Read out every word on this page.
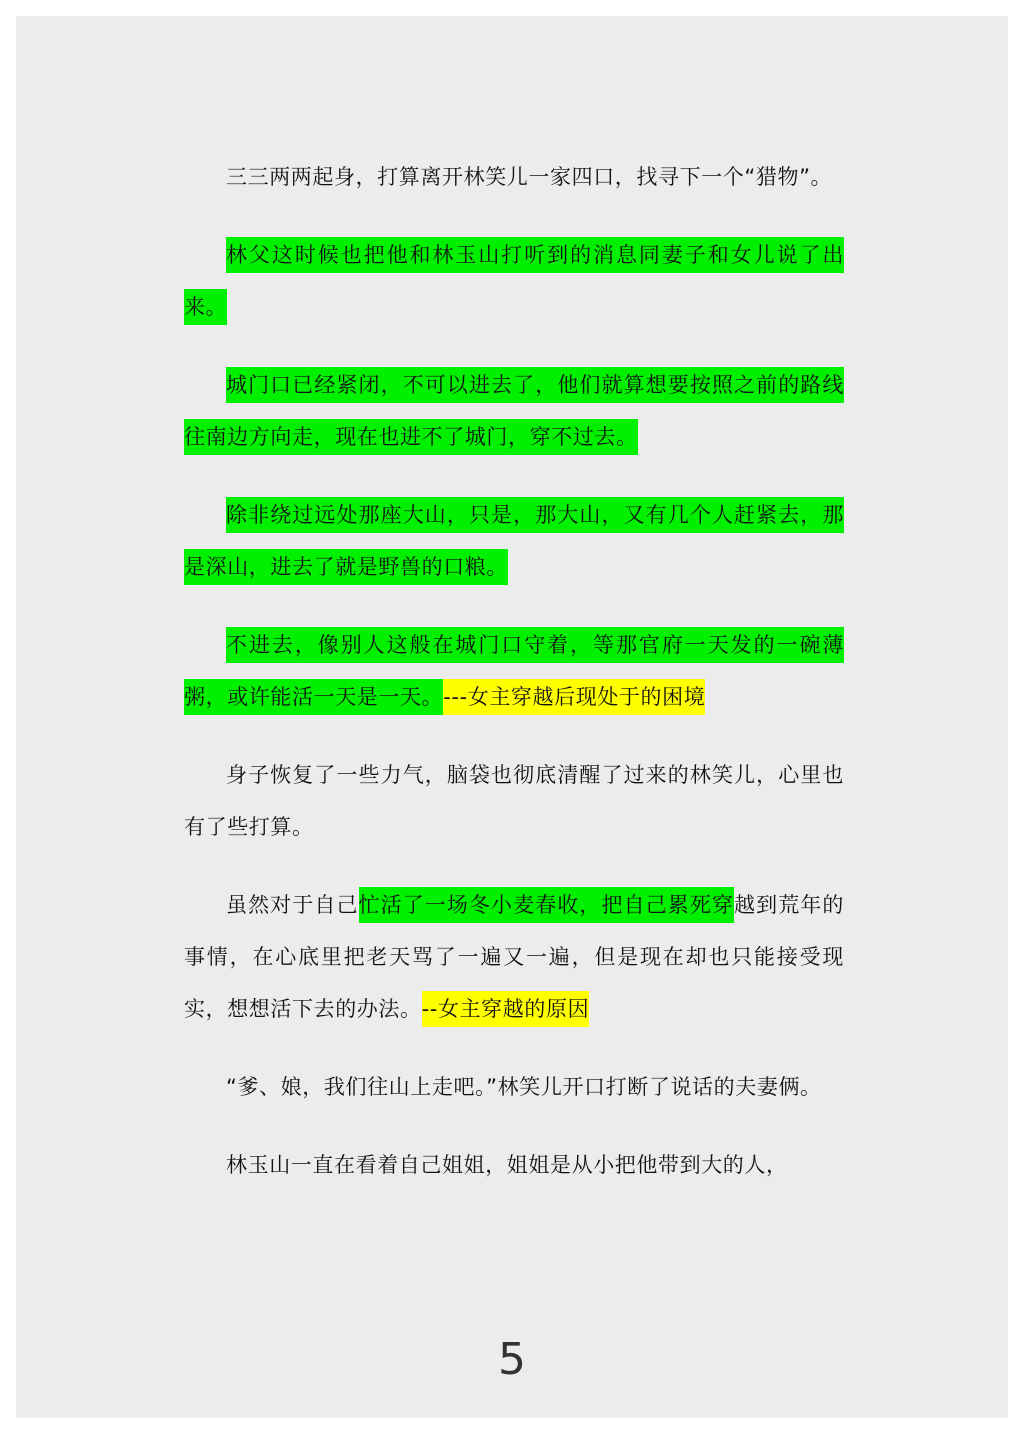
三三两两起身，打算离开林笑儿一家四口，找寻下一个“猎物”。

林父这时候也把他和林玉山打听到的消息同妻子和女儿说了出来。

城门口已经紧闭，不可以进去了，他们就算想要按照之前的路线往南边方向走，现在也进不了城门，穿不过去。

除非绕过远处那座大山，只是，那大山，又有几个人赶紧去，那是深山，进去了就是野兽的口粮。

不进去，像别人这般在城门口守着，等那官府一天发的一碗薄粥，或许能活一天是一天。---女主穿越后现处于的困境

身子恢复了一些力气，脑袋也彻底清醒了过来的林笑儿，心里也有了些打算。

虽然对于自己忙活了一场冬小麦春收，把自己累死穿越到荒年的事情，在心底里把老天骂了一遍又一遍，但是现在却也只能接受现实，想想活下去的办法。--女主穿越的原因

“爹、娘，我们往山上走吧。”林笑儿开口打断了说话的夫妻俩。

林玉山一直在看着自己姐姐，姐姐是从小把他带到大的人，

5
